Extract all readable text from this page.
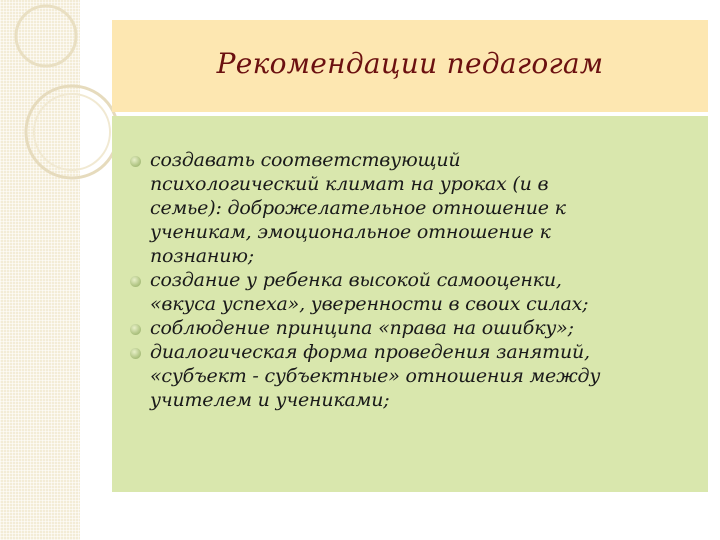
Рекомендации педагогам
создавать соответствующий
психологический климат на уроках (и в
семье): доброжелательное отношение к
ученикам, эмоциональное отношение к
познанию;
создание у ребенка высокой самооценки,
«вкуса успеха», уверенности в своих силах;
соблюдение принципа «права на ошибку»;
диалогическая форма проведения занятий,
«субъект - субъектные» отношения между
учителем и учениками;
